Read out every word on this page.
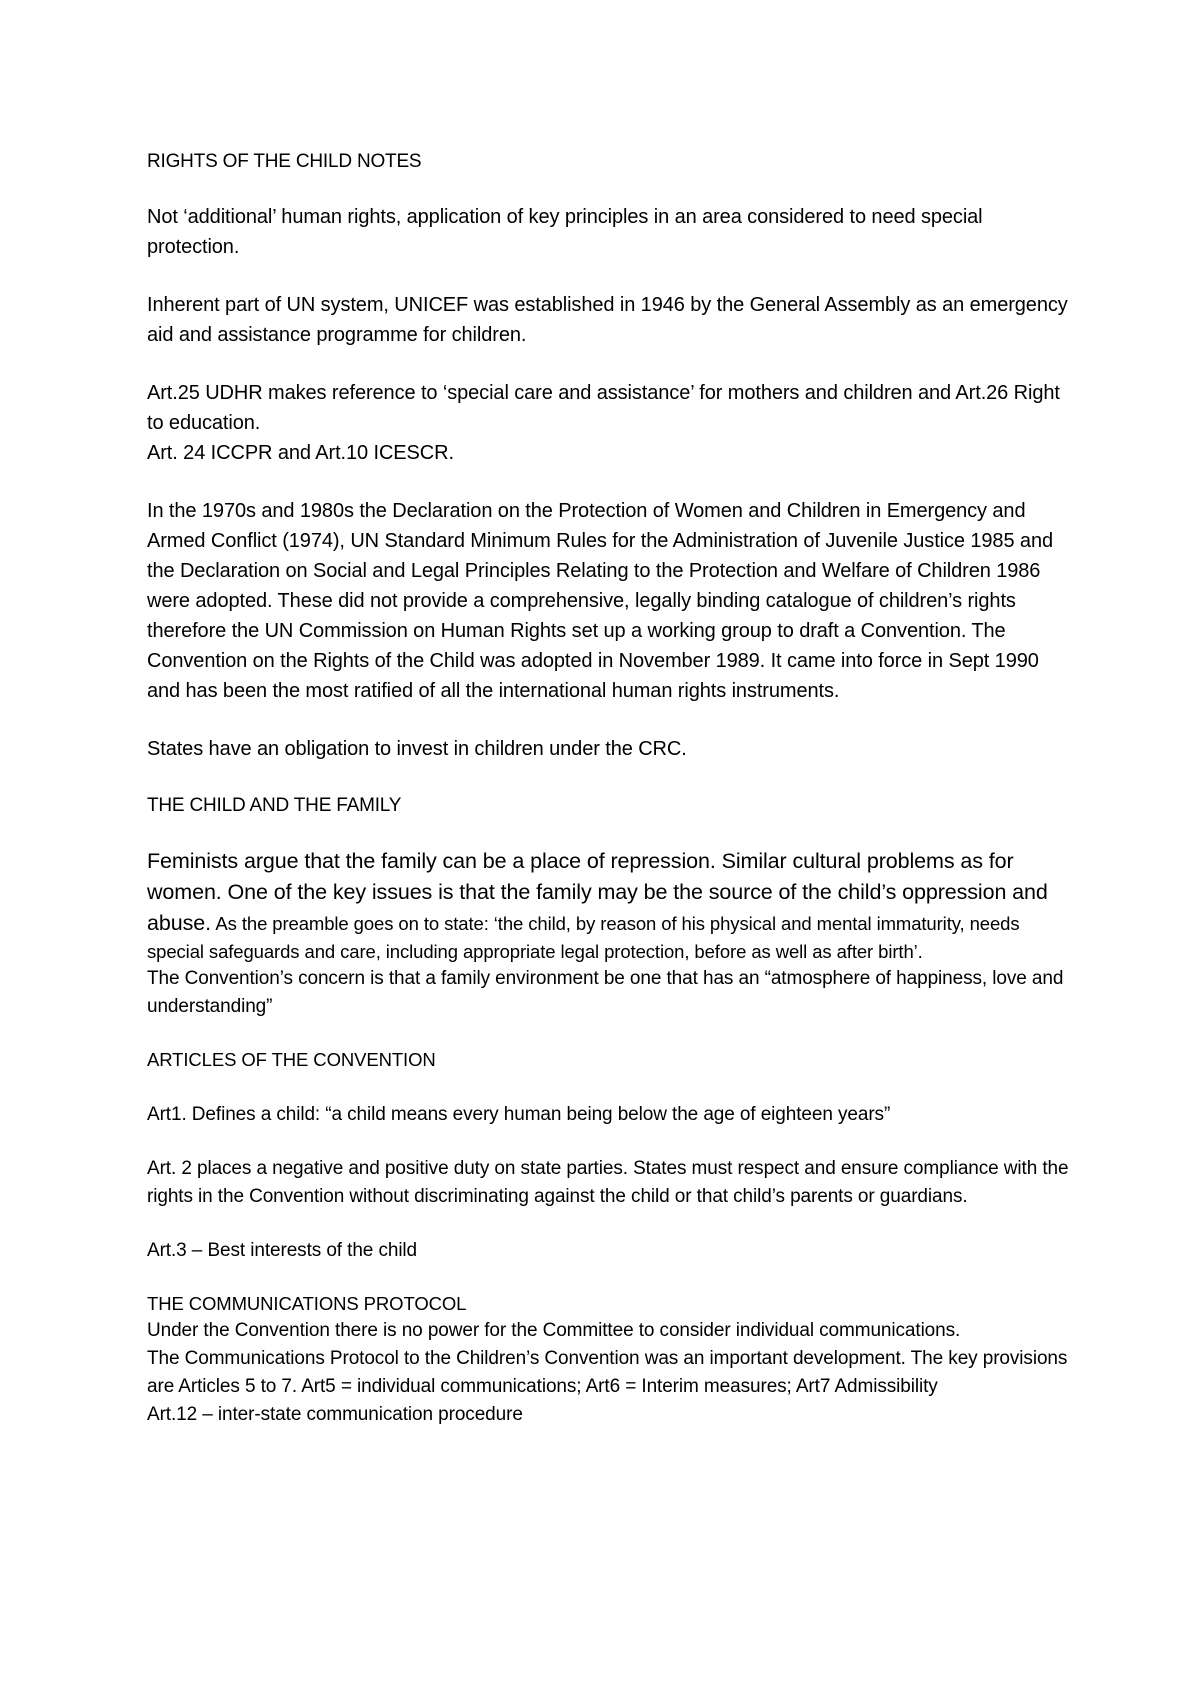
RIGHTS OF THE CHILD NOTES

Not ‘additional’ human rights, application of key principles in an area considered to need special protection.

Inherent part of UN system, UNICEF was established in 1946 by the General Assembly as an emergency aid and assistance programme for children.

Art.25 UDHR makes reference to ‘special care and assistance’ for mothers and children and Art.26 Right to education.

Art. 24 ICCPR and Art.10 ICESCR.

In the 1970s and 1980s the Declaration on the Protection of Women and Children in Emergency and Armed Conflict (1974), UN Standard Minimum Rules for the Administration of Juvenile Justice 1985 and the Declaration on Social and Legal Principles Relating to the Protection and Welfare of Children 1986 were adopted. These did not provide a comprehensive, legally binding catalogue of children’s rights therefore the UN Commission on Human Rights set up a working group to draft a Convention. The Convention on the Rights of the Child was adopted in November 1989. It came into force in Sept 1990 and has been the most ratified of all the international human rights instruments.

States have an obligation to invest in children under the CRC.

THE CHILD AND THE FAMILY

Feminists argue that the family can be a place of repression. Similar cultural problems as for women. One of the key issues is that the family may be the source of the child’s oppression and abuse. As the preamble goes on to state: ‘the child, by reason of his physical and mental immaturity, needs special safeguards and care, including appropriate legal protection, before as well as after birth’.

The Convention’s concern is that a family environment be one that has an “atmosphere of happiness, love and understanding”

ARTICLES OF THE CONVENTION

Art1. Defines a child: “a child means every human being below the age of eighteen years”

Art. 2 places a negative and positive duty on state parties. States must respect and ensure compliance with the rights in the Convention without discriminating against the child or that child’s parents or guardians.

Art.3 – Best interests of the child

THE COMMUNICATIONS PROTOCOL

Under the Convention there is no power for the Committee to consider individual communications.

The Communications Protocol to the Children’s Convention was an important development. The key provisions are Articles 5 to 7. Art5 = individual communications; Art6 = Interim measures; Art7 Admissibility

Art.12 – inter-state communication procedure
